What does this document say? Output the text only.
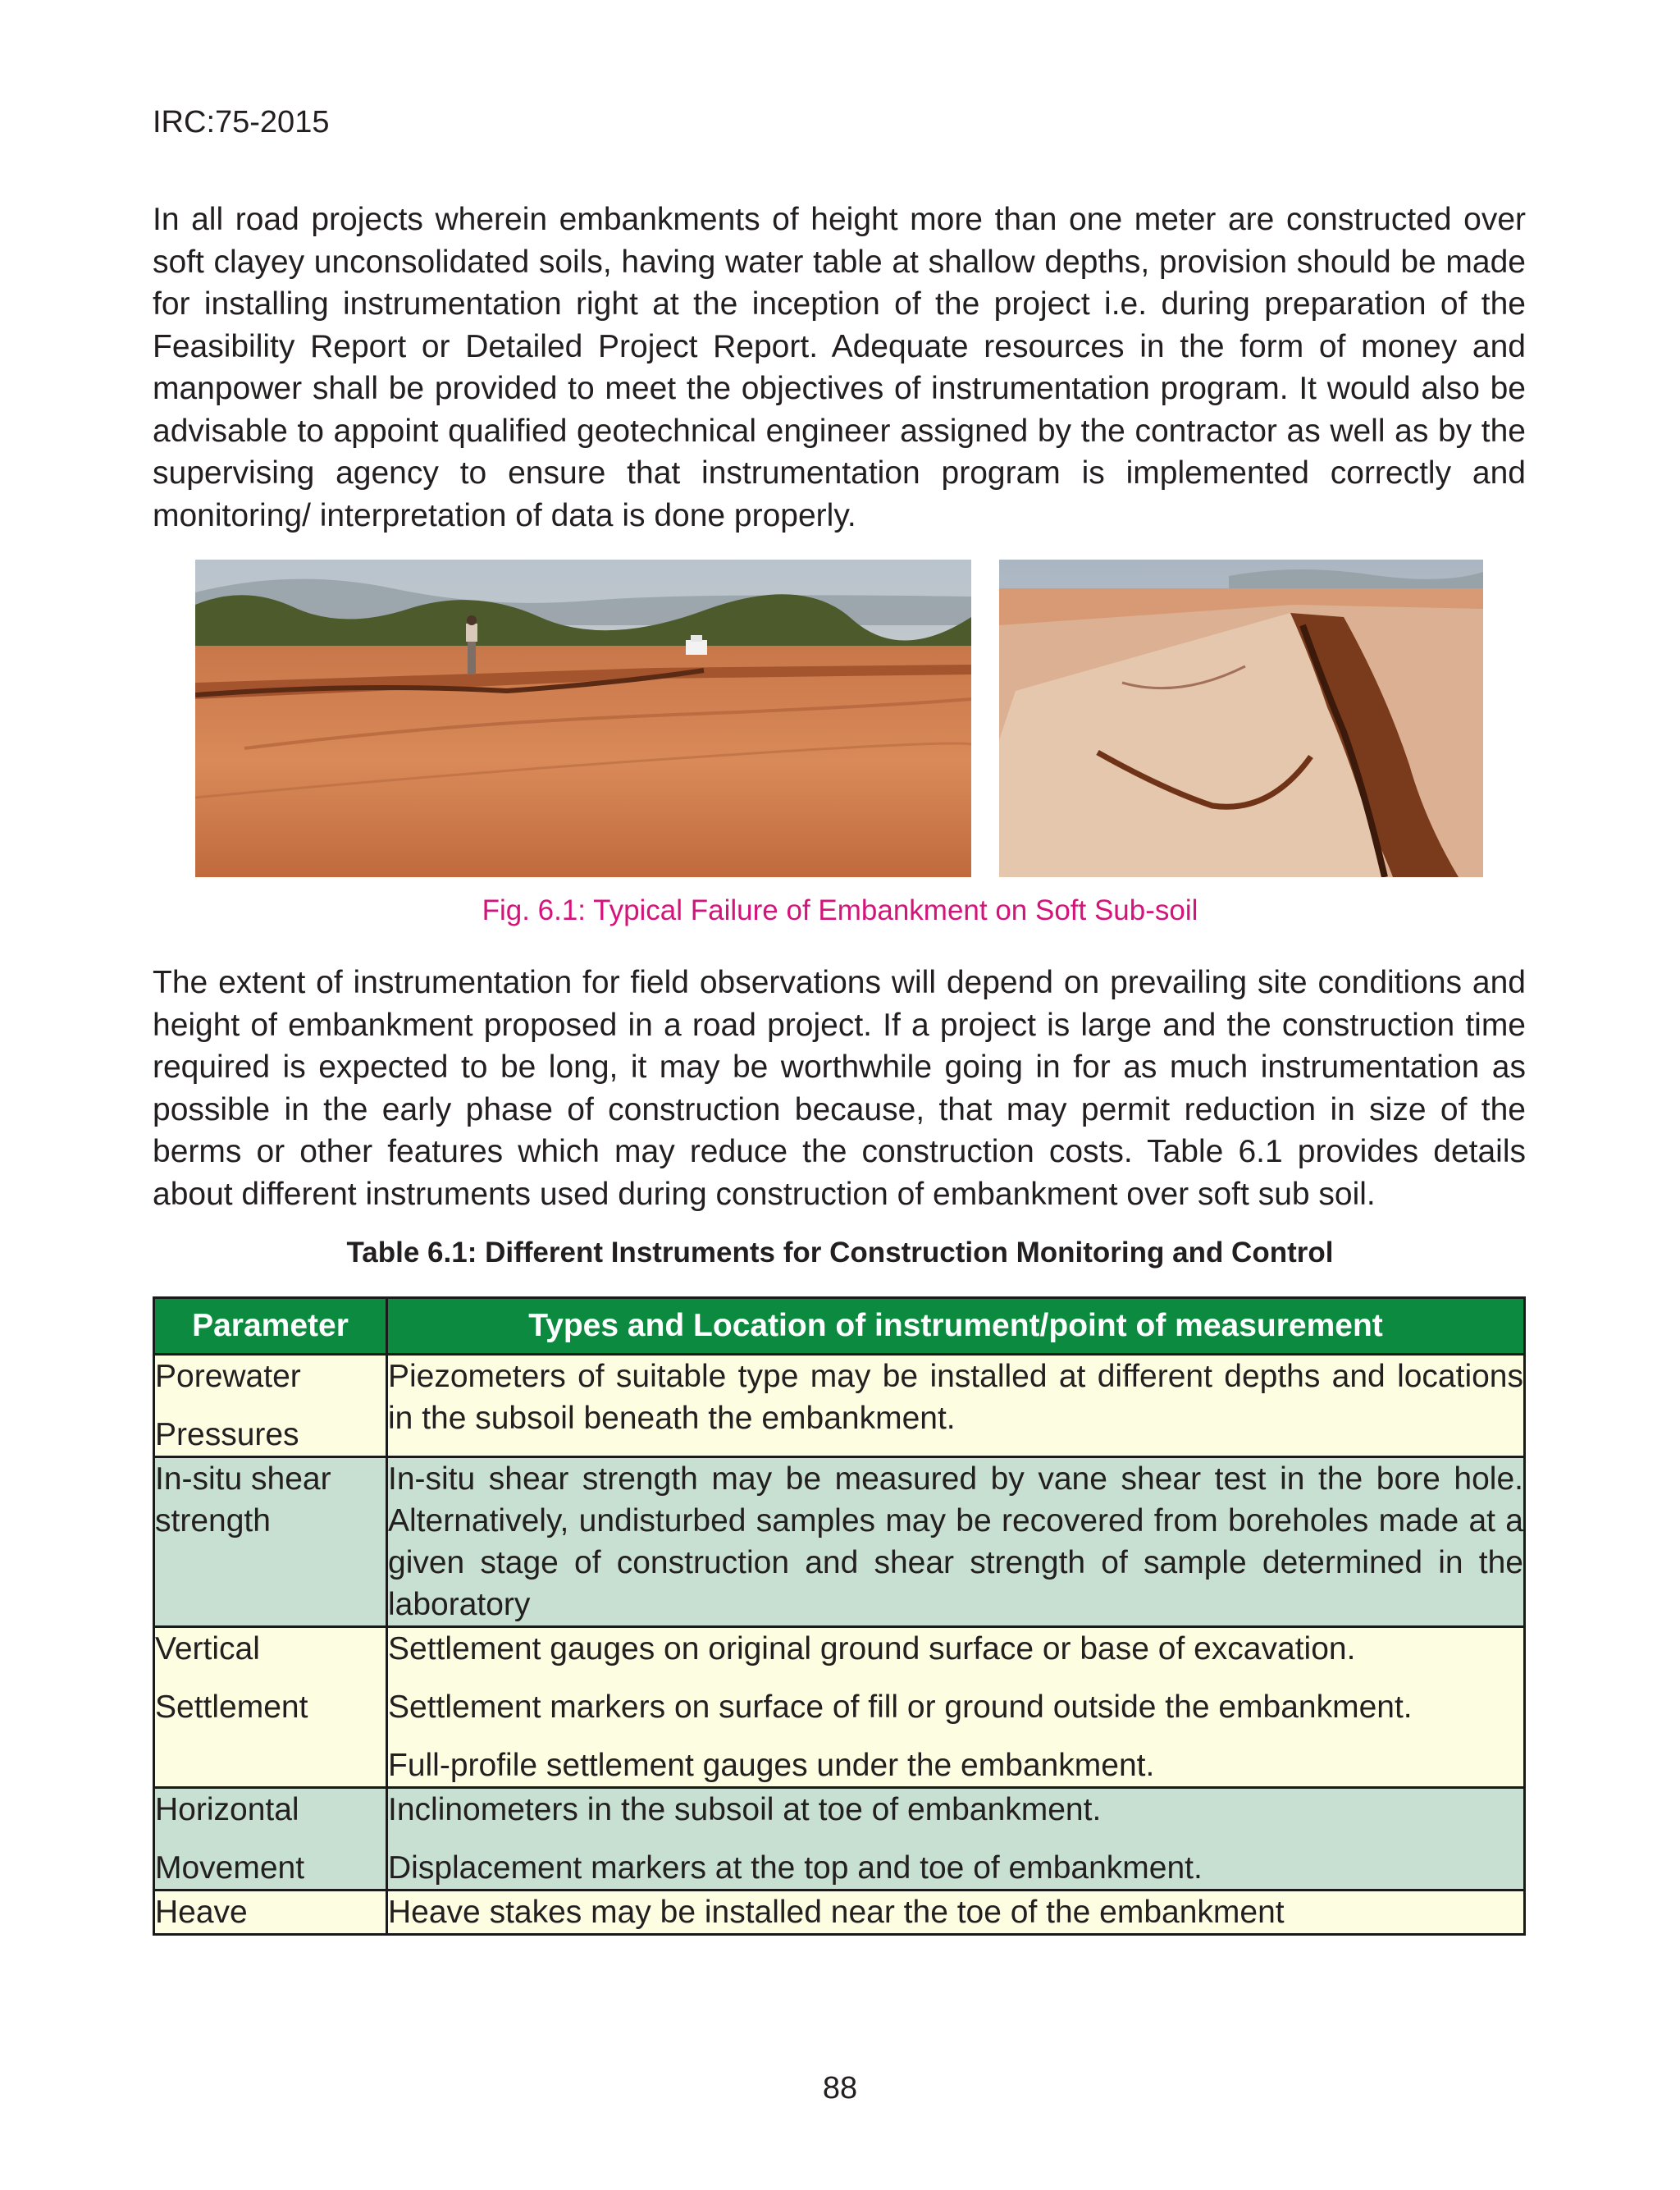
IRC:75-2015

In all road projects wherein embankments of height more than one meter are constructed over soft clayey unconsolidated soils, having water table at shallow depths, provision should be made for installing instrumentation right at the inception of the project i.e. during preparation of the Feasibility Report or Detailed Project Report. Adequate resources in the form of money and manpower shall be provided to meet the objectives of instrumentation program. It would also be advisable to appoint qualified geotechnical engineer assigned by the contractor as well as by the supervising agency to ensure that instrumentation program is implemented correctly and monitoring/ interpretation of data is done properly.

Fig. 6.1: Typical Failure of Embankment on Soft Sub-soil

The extent of instrumentation for field observations will depend on prevailing site conditions and height of embankment proposed in a road project. If a project is large and the construction time required is expected to be long, it may be worthwhile going in for as much instrumentation as possible in the early phase of construction because, that may permit reduction in size of the berms or other features which may reduce the construction costs. Table 6.1 provides details about different instruments used during construction of embankment over soft sub soil.

Table 6.1: Different Instruments for Construction Monitoring and Control
Parameter	Types and Location of instrument/point of measurement

Porewater
Pressures	Piezometers of suitable type may be installed at different depths and locations in the subsoil beneath the embankment.

In-situ shear strength	In-situ shear strength may be measured by vane shear test in the bore hole. Alternatively, undisturbed samples may be recovered from boreholes made at a given stage of construction and shear strength of sample determined in the laboratory

Vertical
Settlement	Settlement gauges on original ground surface or base of excavation.
Settlement markers on surface of fill or ground outside the embankment.
Full-profile settlement gauges under the embankment.

Horizontal
Movement	Inclinometers in the subsoil at toe of embankment.
Displacement markers at the top and toe of embankment.

Heave	Heave stakes may be installed near the toe of the embankment
88
